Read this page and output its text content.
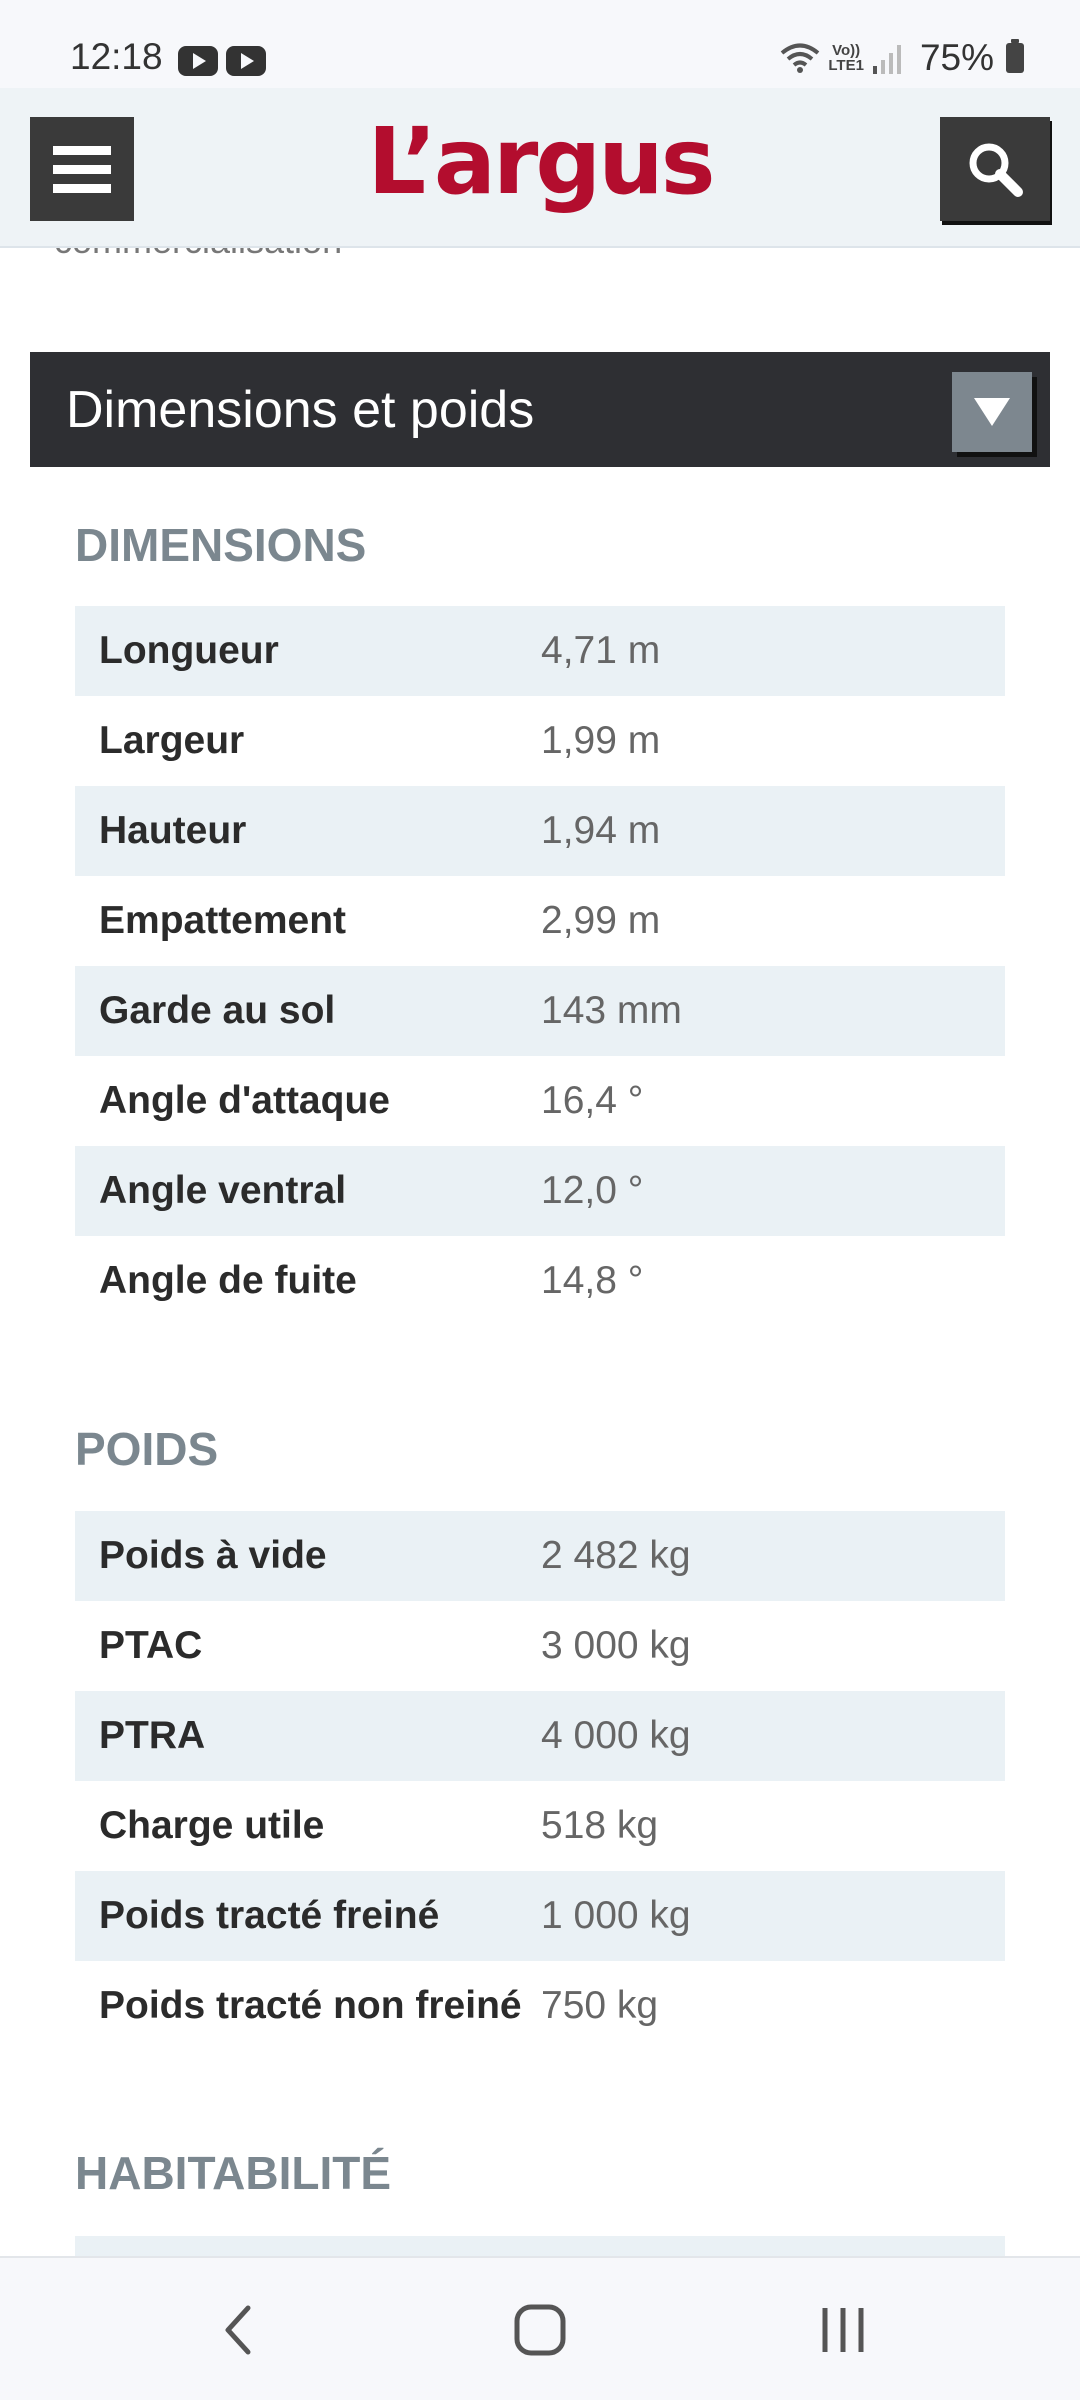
12:18	Vo))
LTE1 75%
L’argus
Dimensions et poids
DIMENSIONS
Longueur	4,71 m
Largeur	1,99 m
Hauteur	1,94 m
Empattement	2,99 m
Garde au sol	143 mm
Angle d'attaque	16,4 °
Angle ventral	12,0 °
Angle de fuite	14,8 °
POIDS
Poids à vide	2 482 kg
PTAC	3 000 kg
PTRA	4 000 kg
Charge utile	518 kg
Poids tracté freiné	1 000 kg
Poids tracté non freiné 750 kg
HABITABILITÉ
